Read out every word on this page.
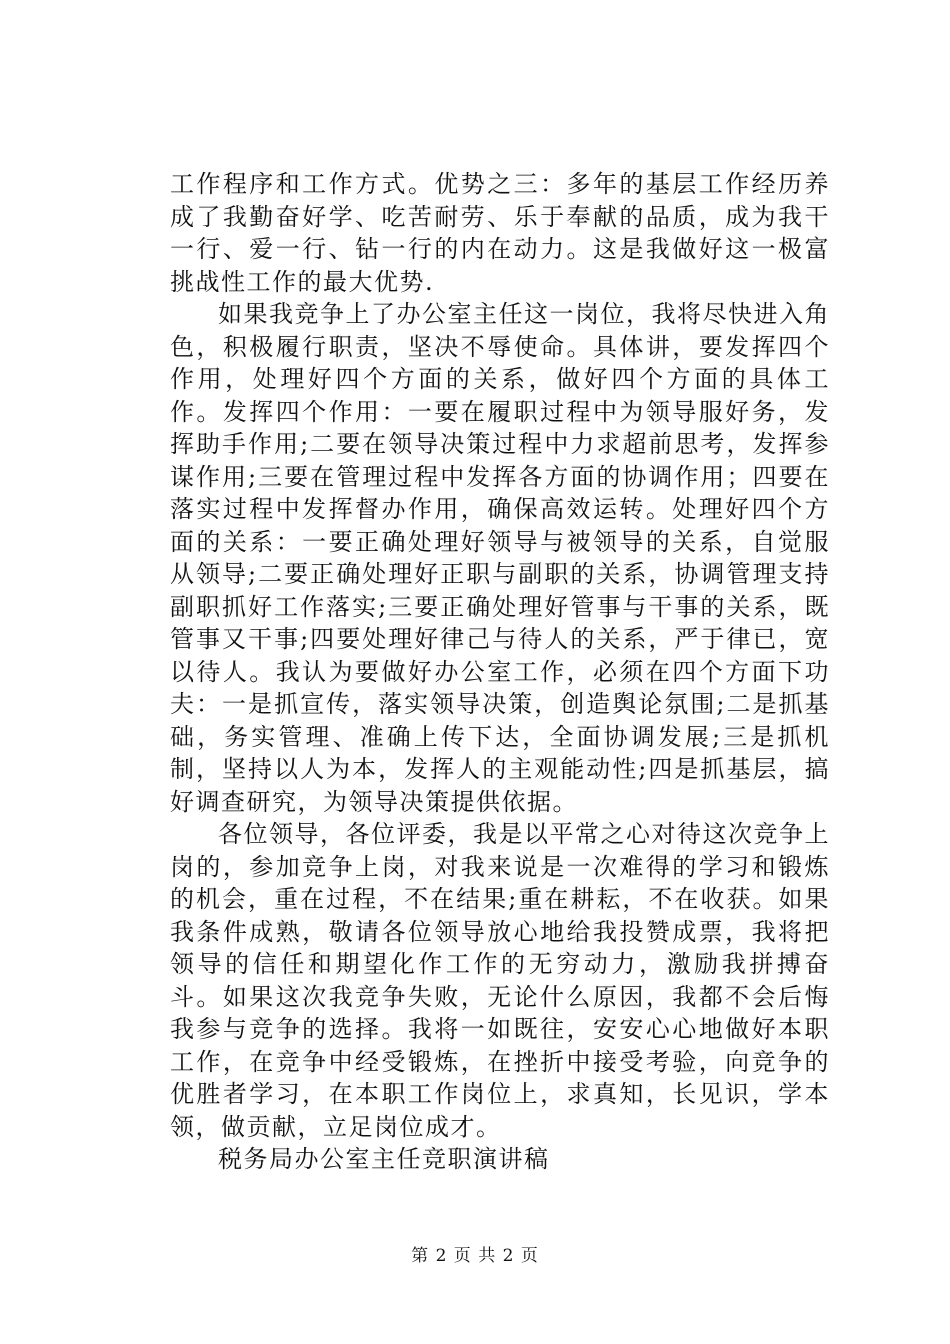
工作程序和工作方式。优势之三：多年的基层工作经历养成了我勤奋好学、吃苦耐劳、乐于奉献的品质，成为我干一行、爱一行、钻一行的内在动力。这是我做好这一极富挑战性工作的最大优势.

如果我竞争上了办公室主任这一岗位，我将尽快进入角色，积极履行职责，坚决不辱使命。具体讲，要发挥四个作用，处理好四个方面的关系，做好四个方面的具体工作。发挥四个作用：一要在履职过程中为领导服好务，发挥助手作用;二要在领导决策过程中力求超前思考，发挥参谋作用;三要在管理过程中发挥各方面的协调作用；四要在落实过程中发挥督办作用，确保高效运转。处理好四个方面的关系：一要正确处理好领导与被领导的关系，自觉服从领导;二要正确处理好正职与副职的关系，协调管理支持副职抓好工作落实;三要正确处理好管事与干事的关系，既管事又干事;四要处理好律己与待人的关系，严于律已，宽以待人。我认为要做好办公室工作，必须在四个方面下功夫：一是抓宣传，落实领导决策，创造舆论氛围;二是抓基础，务实管理、准确上传下达，全面协调发展;三是抓机制，坚持以人为本，发挥人的主观能动性;四是抓基层，搞好调查研究，为领导决策提供依据。

各位领导，各位评委，我是以平常之心对待这次竞争上岗的，参加竞争上岗，对我来说是一次难得的学习和锻炼的机会，重在过程，不在结果;重在耕耘，不在收获。如果我条件成熟，敬请各位领导放心地给我投赞成票，我将把领导的信任和期望化作工作的无穷动力，激励我拼搏奋斗。如果这次我竞争失败，无论什么原因，我都不会后悔我参与竞争的选择。我将一如既往，安安心心地做好本职工作，在竞争中经受锻炼，在挫折中接受考验，向竞争的优胜者学习，在本职工作岗位上，求真知，长见识，学本领，做贡献，立足岗位成才。

税务局办公室主任竞职演讲稿

第 2 页 共 2 页
